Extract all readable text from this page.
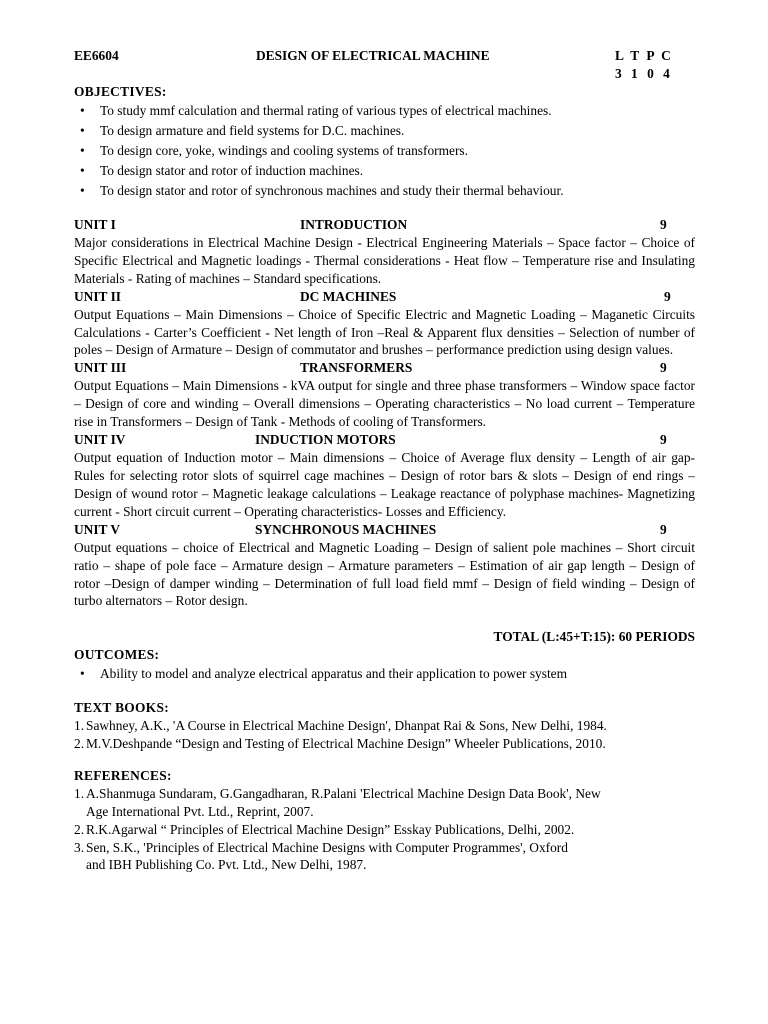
EE6604	DESIGN OF ELECTRICAL MACHINE	L T P C
3 1 0 4
OBJECTIVES:
• To study mmf calculation and thermal rating of various types of electrical machines.
• To design armature and field systems for D.C. machines.
• To design core, yoke, windings and cooling systems of transformers.
• To design stator and rotor of induction machines.
• To design stator and rotor of synchronous machines and study their thermal behaviour.
UNIT I	INTRODUCTION	9

Major considerations in Electrical Machine Design - Electrical Engineering Materials – Space factor – Choice of Specific Electrical and Magnetic loadings - Thermal considerations - Heat flow – Temperature rise and Insulating Materials - Rating of machines – Standard specifications.

UNIT II	DC MACHINES	9

Output Equations – Main Dimensions – Choice of Specific Electric and Magnetic Loading – Maganetic Circuits Calculations - Carter’s Coefficient - Net length of Iron –Real & Apparent flux densities – Selection of number of poles – Design of Armature – Design of commutator and brushes – performance prediction using design values.

UNIT III	TRANSFORMERS	9

Output Equations – Main Dimensions - kVA output for single and three phase transformers – Window space factor – Design of core and winding – Overall dimensions – Operating characteristics – No load current – Temperature rise in Transformers – Design of Tank - Methods of cooling of Transformers.

UNIT IV	INDUCTION MOTORS	9

Output equation of Induction motor – Main dimensions – Choice of Average flux density – Length of air gap- Rules for selecting rotor slots of squirrel cage machines – Design of rotor bars & slots – Design of end rings – Design of wound rotor – Magnetic leakage calculations – Leakage reactance of polyphase machines- Magnetizing current - Short circuit current – Operating characteristics- Losses and Efficiency.

UNIT V	SYNCHRONOUS MACHINES	9

Output equations – choice of Electrical and Magnetic Loading – Design of salient pole machines – Short circuit ratio – shape of pole face – Armature design – Armature parameters – Estimation of air gap length – Design of rotor –Design of damper winding – Determination of full load field mmf – Design of field winding – Design of turbo alternators – Rotor design.

TOTAL (L:45+T:15): 60 PERIODS
OUTCOMES:
• Ability to model and analyze electrical apparatus and their application to power system
TEXT BOOKS:
1. Sawhney, A.K., 'A Course in Electrical Machine Design', Dhanpat Rai & Sons, New Delhi, 1984.
2. M.V.Deshpande “Design and Testing of Electrical Machine Design” Wheeler Publications, 2010.
REFERENCES:
1. A.Shanmuga Sundaram, G.Gangadharan, R.Palani 'Electrical Machine Design Data Book', New
Age International Pvt. Ltd., Reprint, 2007.
2. R.K.Agarwal “ Principles of Electrical Machine Design” Esskay Publications, Delhi, 2002.
3. Sen, S.K., 'Principles of Electrical Machine Designs with Computer Programmes', Oxford
and IBH Publishing Co. Pvt. Ltd., New Delhi, 1987.
